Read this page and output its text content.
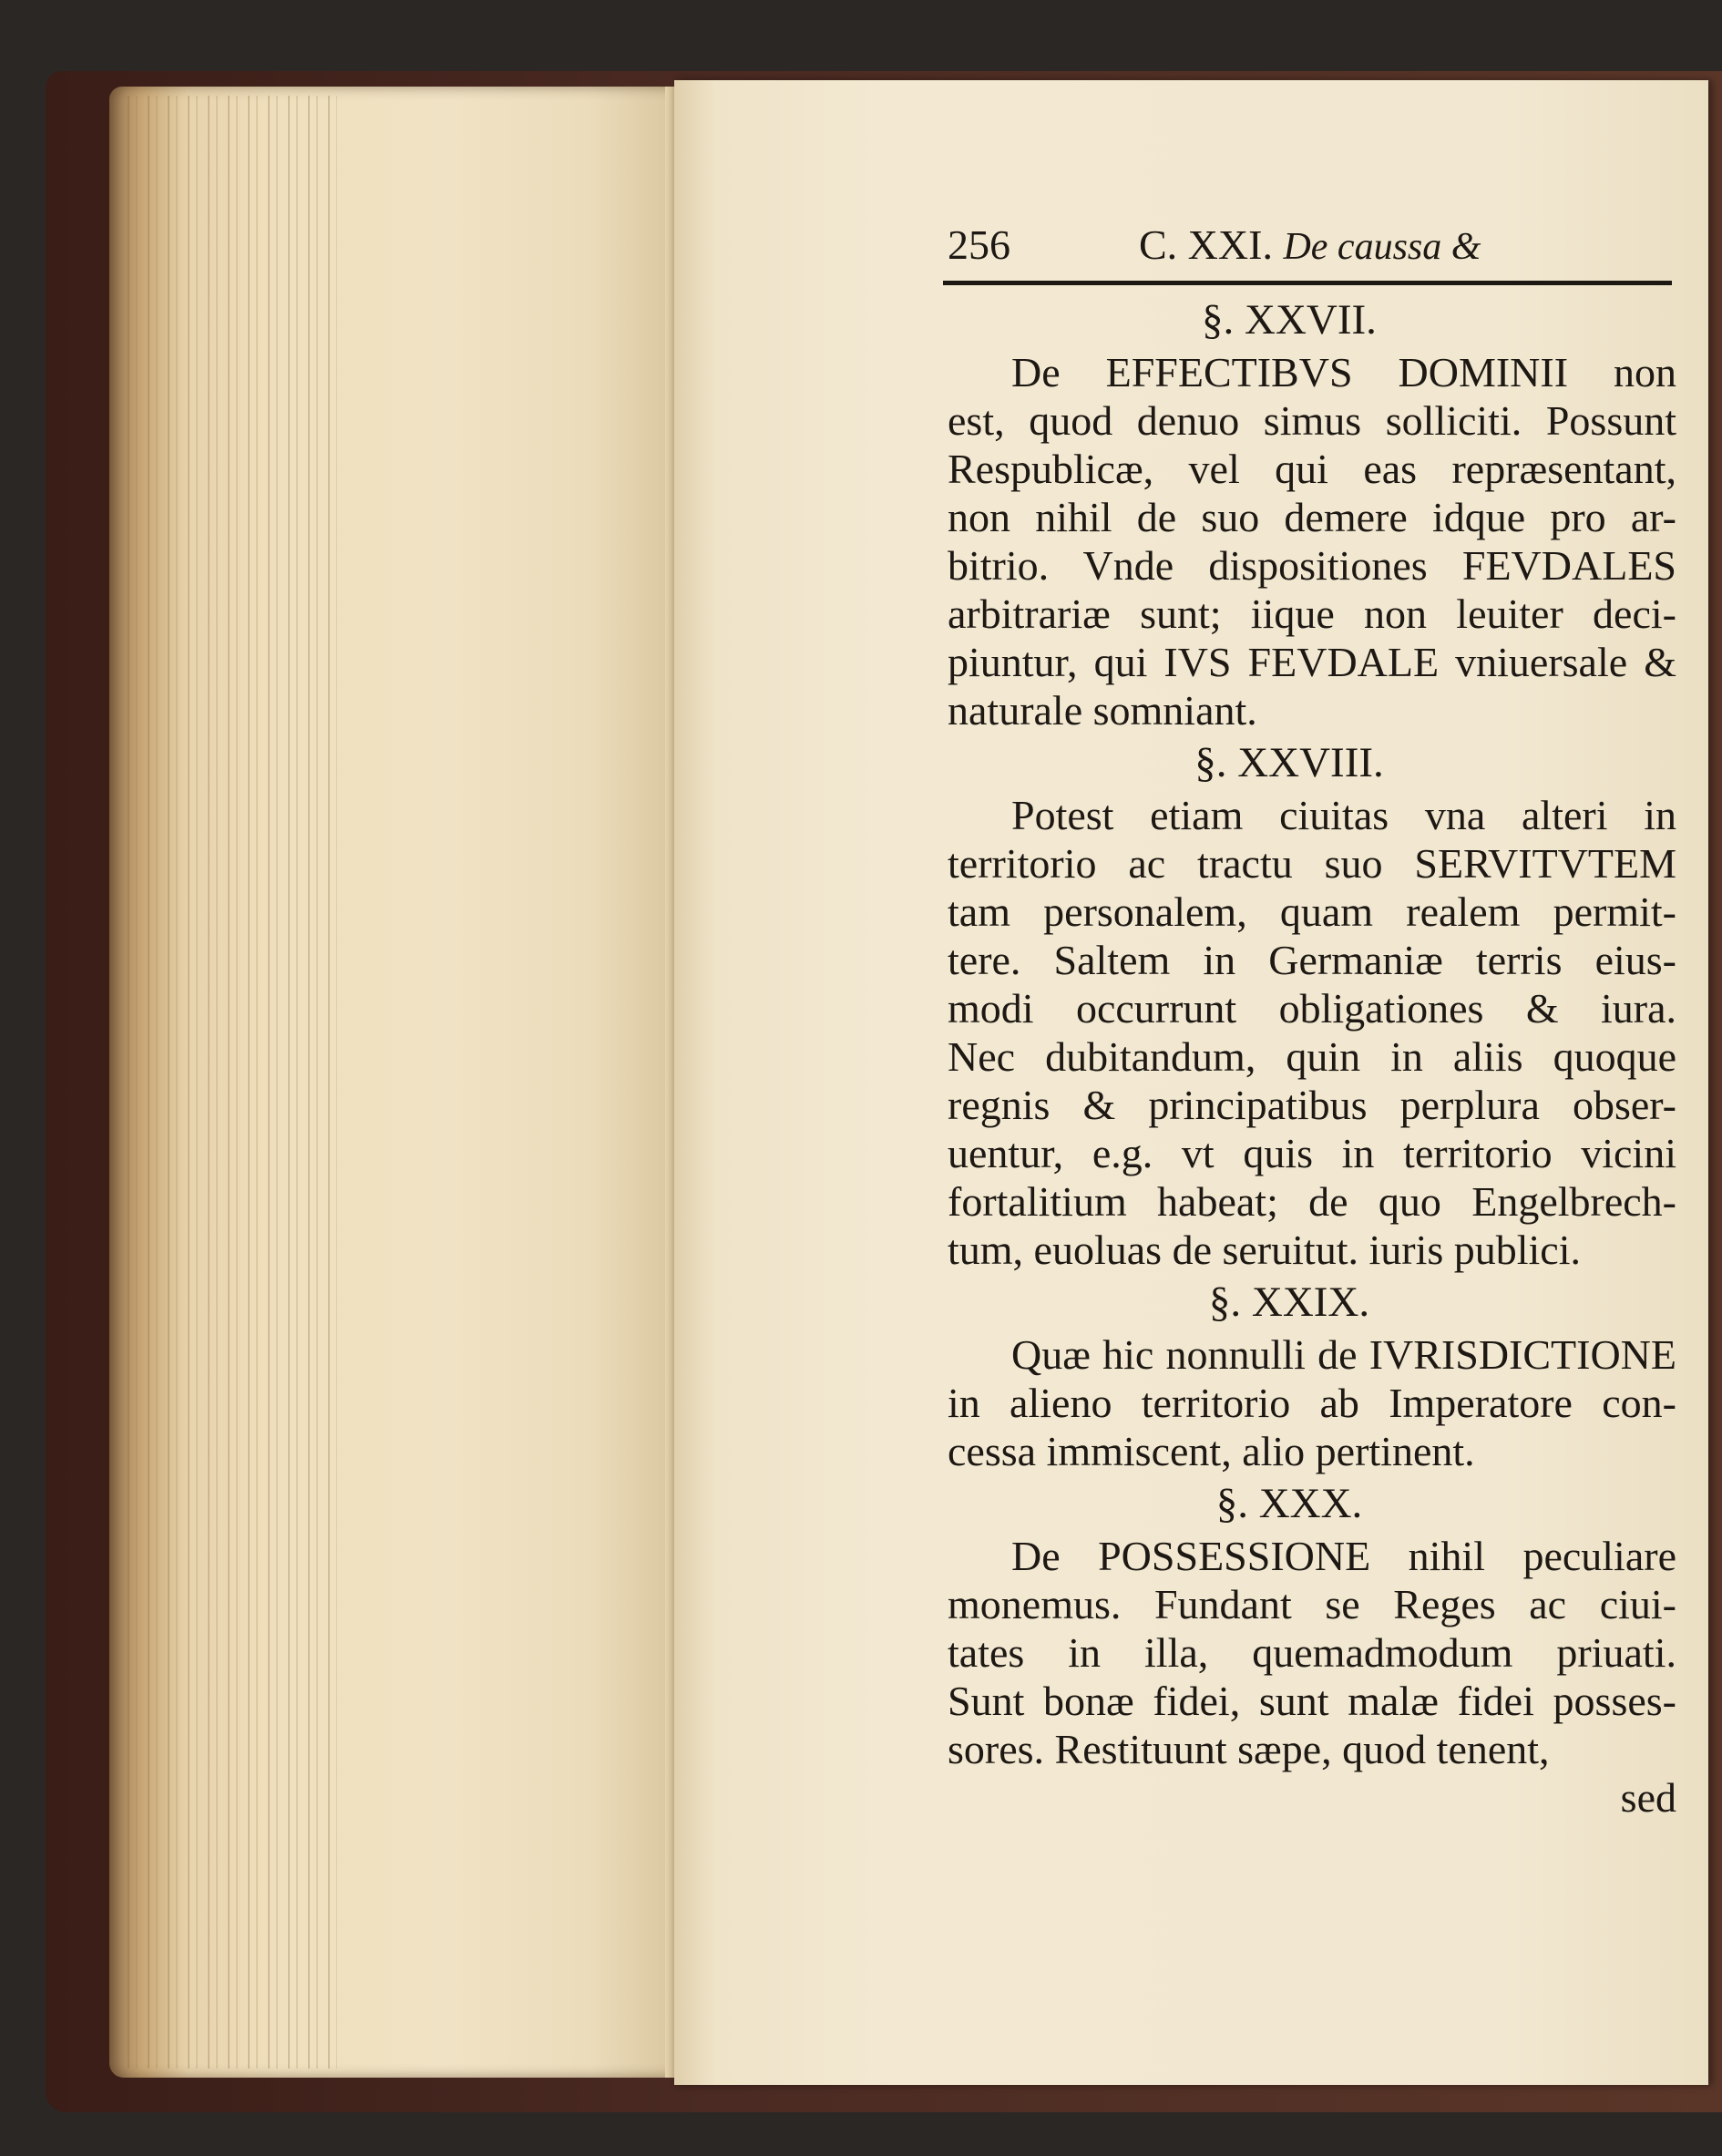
256	C. XXI. De caussa &
§. XXVII.
De EFFECTIBVS DOMINII non
est, quod denuo simus solliciti. Possunt
Respublicæ, vel qui eas repræsentant,
non nihil de suo demere idque pro ar-
bitrio. Vnde dispositiones FEVDALES
arbitrariæ sunt; iique non leuiter deci-
piuntur, qui IVS FEVDALE vniuersale &
naturale somniant.
§. XXVIII.
Potest etiam ciuitas vna alteri in
territorio ac tractu suo SERVITVTEM
tam personalem, quam realem permit-
tere. Saltem in Germaniæ terris eius-
modi occurrunt obligationes & iura.
Nec dubitandum, quin in aliis quoque
regnis & principatibus perplura obser-
uentur, e.g. vt quis in territorio vicini
fortalitium habeat; de quo Engelbrech-
tum, euoluas de seruitut. iuris publici.
§. XXIX.
Quæ hic nonnulli de IVRISDICTIONE
in alieno territorio ab Imperatore con-
cessa immiscent, alio pertinent.
§. XXX.
De POSSESSIONE nihil peculiare
monemus. Fundant se Reges ac ciui-
tates in illa, quemadmodum priuati.
Sunt bonæ fidei, sunt malæ fidei posses-
sores. Restituunt sæpe, quod tenent,
sed
